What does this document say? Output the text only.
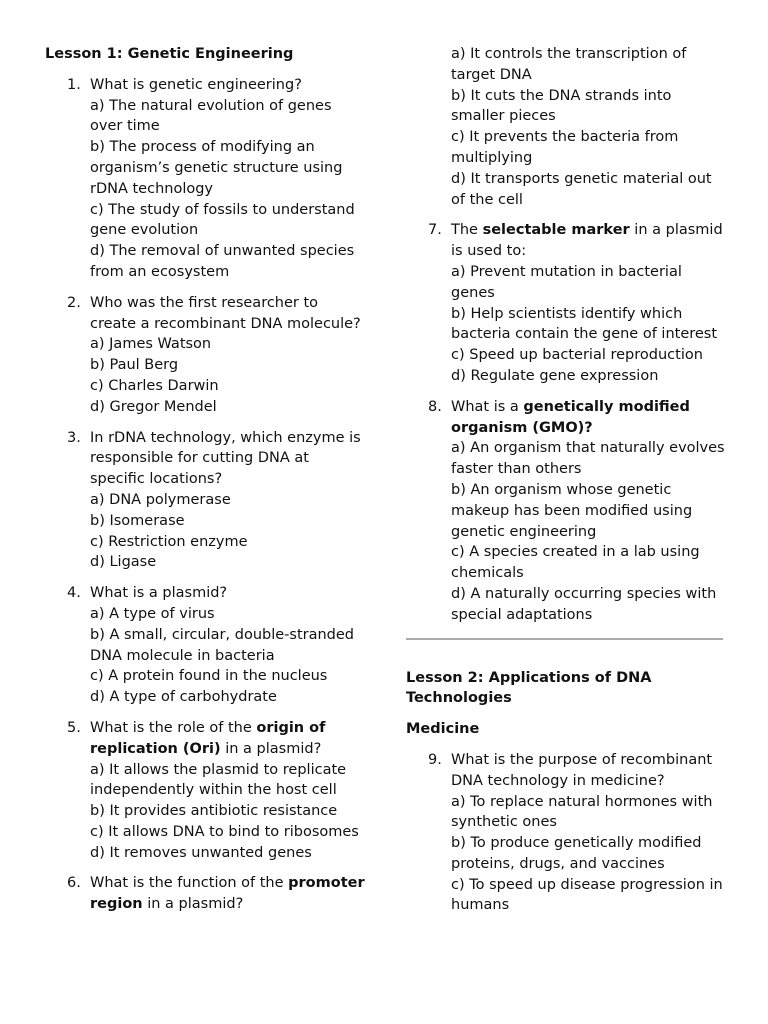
Lesson 1: Genetic Engineering
1. What is genetic engineering?
a) The natural evolution of genes over time
b) The process of modifying an organism’s genetic structure using rDNA technology
c) The study of fossils to understand gene evolution
d) The removal of unwanted species from an ecosystem
2. Who was the first researcher to create a recombinant DNA molecule?
a) James Watson
b) Paul Berg
c) Charles Darwin
d) Gregor Mendel
3. In rDNA technology, which enzyme is responsible for cutting DNA at specific locations?
a) DNA polymerase
b) Isomerase
c) Restriction enzyme
d) Ligase
4. What is a plasmid?
a) A type of virus
b) A small, circular, double-stranded DNA molecule in bacteria
c) A protein found in the nucleus
d) A type of carbohydrate
5. What is the role of the origin of replication (Ori) in a plasmid?
a) It allows the plasmid to replicate independently within the host cell
b) It provides antibiotic resistance
c) It allows DNA to bind to ribosomes
d) It removes unwanted genes
6. What is the function of the promoter region in a plasmid?
a) It controls the transcription of target DNA
b) It cuts the DNA strands into smaller pieces
c) It prevents the bacteria from multiplying
d) It transports genetic material out of the cell
7. The selectable marker in a plasmid is used to:
a) Prevent mutation in bacterial genes
b) Help scientists identify which bacteria contain the gene of interest
c) Speed up bacterial reproduction
d) Regulate gene expression
8. What is a genetically modified organism (GMO)?
a) An organism that naturally evolves faster than others
b) An organism whose genetic makeup has been modified using genetic engineering
c) A species created in a lab using chemicals
d) A naturally occurring species with special adaptations
Lesson 2: Applications of DNA Technologies
Medicine
9. What is the purpose of recombinant DNA technology in medicine?
a) To replace natural hormones with synthetic ones
b) To produce genetically modified proteins, drugs, and vaccines
c) To speed up disease progression in humans
